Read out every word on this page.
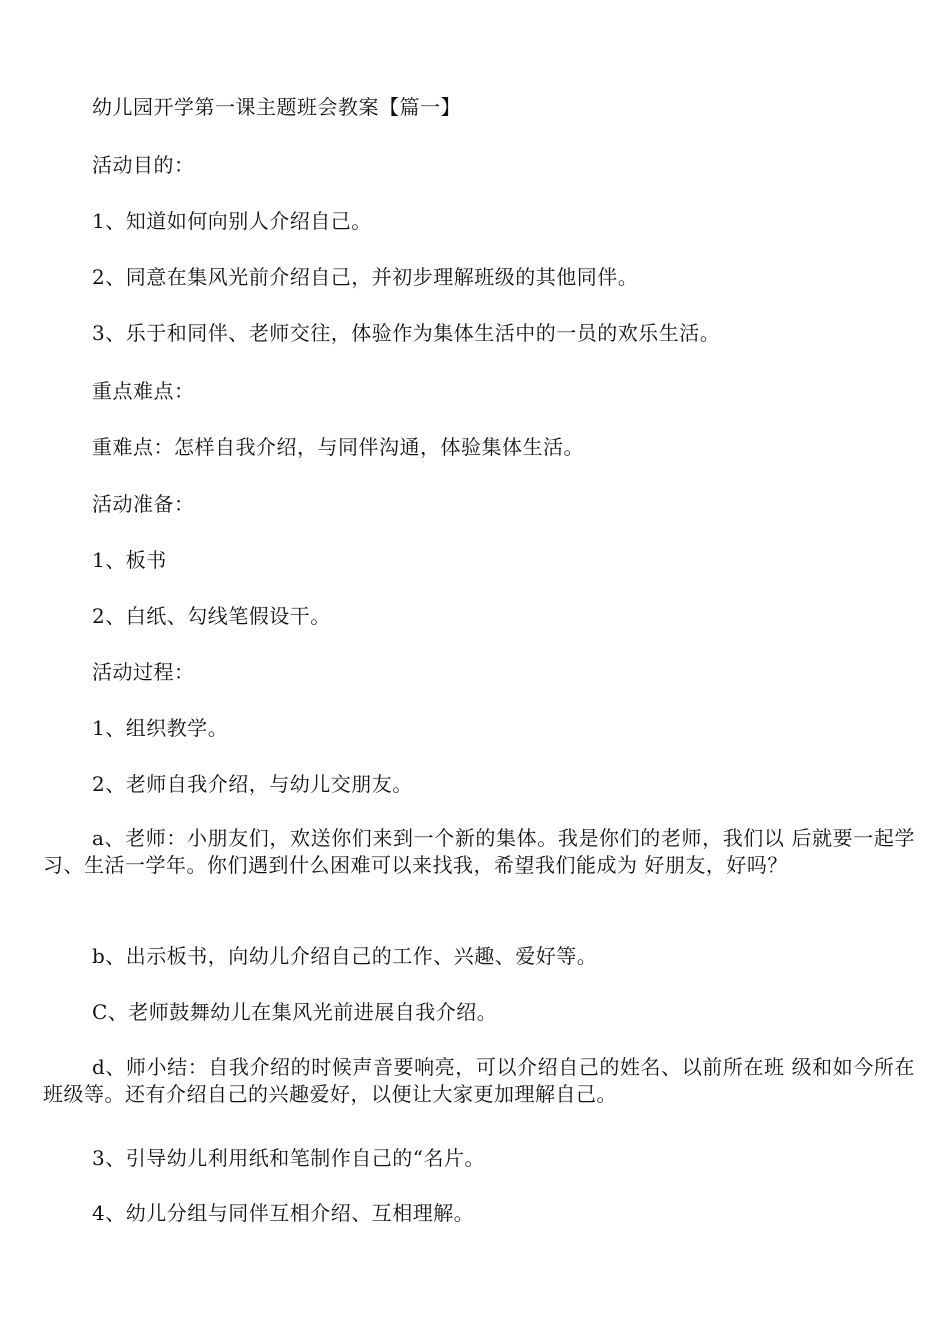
幼儿园开学第一课主题班会教案【篇一】
活动目的：
1、知道如何向别人介绍自己。
2、同意在集风光前介绍自己，并初步理解班级的其他同伴。
3、乐于和同伴、老师交往，体验作为集体生活中的一员的欢乐生活。
重点难点：
重难点：怎样自我介绍，与同伴沟通，体验集体生活。
活动准备：
1、板书
2、白纸、勾线笔假设干。
活动过程：
1、组织教学。
2、老师自我介绍，与幼儿交朋友。
a、老师：小朋友们，欢送你们来到一个新的集体。我是你们的老师，我们以 后就要一起学习、生活一学年。你们遇到什么困难可以来找我，希望我们能成为 好朋友，好吗？
b、出示板书，向幼儿介绍自己的工作、兴趣、爱好等。
C、老师鼓舞幼儿在集风光前进展自我介绍。
d、师小结：自我介绍的时候声音要响亮，可以介绍自己的姓名、以前所在班 级和如今所在班级等。还有介绍自己的兴趣爱好，以便让大家更加理解自己。
3、引导幼儿利用纸和笔制作自己的“名片。
4、幼儿分组与同伴互相介绍、互相理解。
